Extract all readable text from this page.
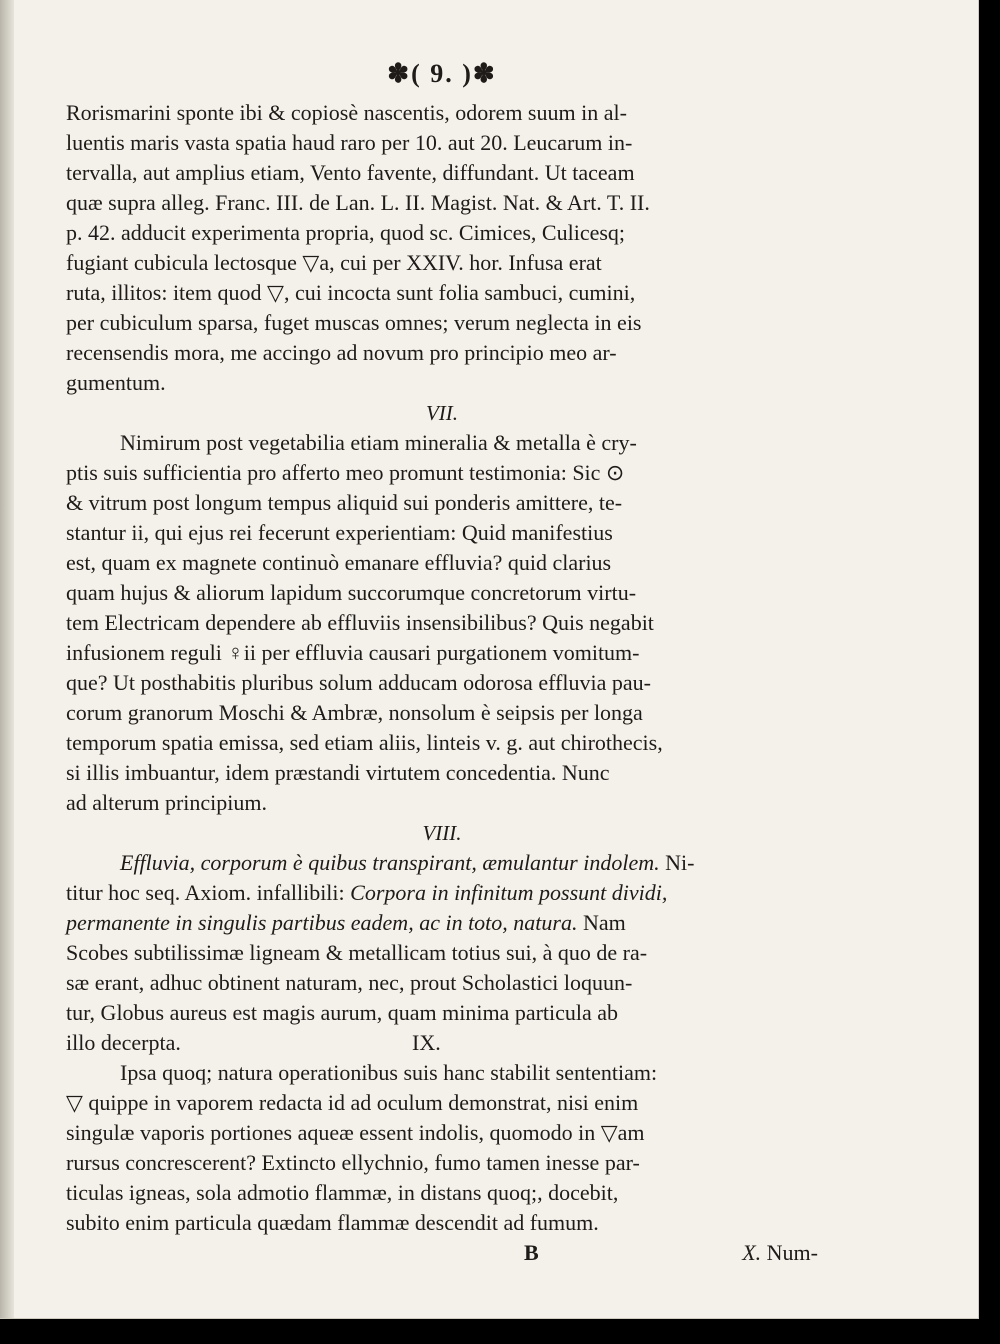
✽( 9. )✽
Rorismarini sponte ibi & copiosè nascentis, odorem suum in al-
luentis maris vasta spatia haud raro per 10. aut 20. Leucarum in-
tervalla, aut amplius etiam, Vento favente, diffundant. Ut taceam
quæ supra alleg. Franc. III. de Lan. L. II. Magist. Nat. & Art. T. II.
p. 42. adducit experimenta propria, quod sc. Cimices, Culicesq;
fugiant cubicula lectosque ▽a, cui per XXIV. hor. Infusa erat
ruta, illitos: item quod ▽, cui incocta sunt folia sambuci, cumini,
per cubiculum sparsa, fuget muscas omnes; verum neglecta in eis
recensendis mora, me accingo ad novum pro principio meo ar-
gumentum.
VII.
Nimirum post vegetabilia etiam mineralia & metalla è cry-
ptis suis sufficientia pro afferto meo promunt testimonia: Sic ⊙
& vitrum post longum tempus aliquid sui ponderis amittere, te-
stantur ii, qui ejus rei fecerunt experientiam: Quid manifestius
est, quam ex magnete continuò emanare effluvia? quid clarius
quam hujus & aliorum lapidum succorumque concretorum virtu-
tem Electricam dependere ab effluviis insensibilibus? Quis negabit
infusionem reguli ♀ii per effluvia causari purgationem vomitum-
que? Ut posthabitis pluribus solum adducam odorosa effluvia pau-
corum granorum Moschi & Ambræ, nonsolum è seipsis per longa
temporum spatia emissa, sed etiam aliis, linteis v. g. aut chirothecis,
si illis imbuantur, idem præstandi virtutem concedentia. Nunc
ad alterum principium.
VIII.
Effluvia, corporum è quibus transpirant, æmulantur indolem. Ni-
titur hoc seq. Axiom. infallibili: Corpora in infinitum possunt dividi,
permanente in singulis partibus eadem, ac in toto, natura. Nam
Scobes subtilissimæ ligneam & metallicam totius sui, à quo de ra-
sæ erant, adhuc obtinent naturam, nec, prout Scholastici loquun-
tur, Globus aureus est magis aurum, quam minima particula ab
illo decerpta.	IX.
Ipsa quoq; natura operationibus suis hanc stabilit sententiam:
▽ quippe in vaporem redacta id ad oculum demonstrat, nisi enim
singulæ vaporis portiones aqueæ essent indolis, quomodo in ▽am
rursus concrescerent? Extincto ellychnio, fumo tamen inesse par-
ticulas igneas, sola admotio flammæ, in distans quoq;, docebit,
subito enim particula quædam flammæ descendit ad fumum.
B	X. Num-
